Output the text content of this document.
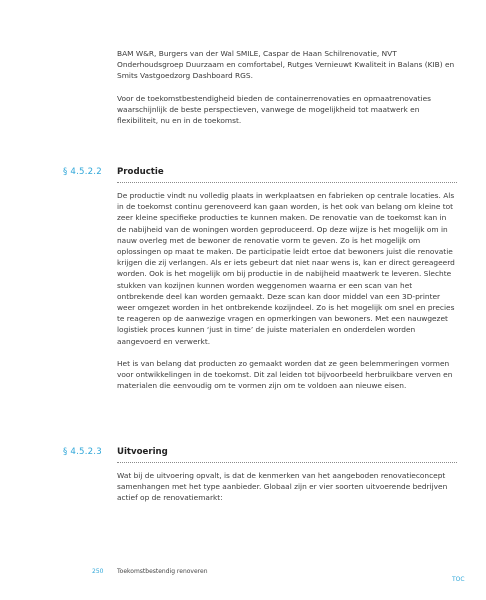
BAM W&R, Burgers van der Wal SMILE, Caspar de Haan Schilrenovatie, NVT Onderhoudsgroep Duurzaam en comfortabel, Rutges Vernieuwt Kwaliteit in Balans (KIB) en Smits Vastgoedzorg Dashboard RGS.

Voor de toekomstbestendigheid bieden de containerrenovaties en opmaatrenovaties waarschijnlijk de beste perspectieven, vanwege de mogelijkheid tot maatwerk en flexibiliteit, nu en in de toekomst.

§ 4.5.2.2 Productie

De productie vindt nu volledig plaats in werkplaatsen en fabrieken op centrale locaties. Als in de toekomst continu gerenoveerd kan gaan worden, is het ook van belang om kleine tot zeer kleine specifieke producties te kunnen maken. De renovatie van de toekomst kan in de nabijheid van de woningen worden geproduceerd. Op deze wijze is het mogelijk om in nauw overleg met de bewoner de renovatie vorm te geven. Zo is het mogelijk om oplossingen op maat te maken. De participatie leidt ertoe dat bewoners juist die renovatie krijgen die zij verlangen. Als er iets gebeurt dat niet naar wens is, kan er direct gereageerd worden. Ook is het mogelijk om bij productie in de nabijheid maatwerk te leveren. Slechte stukken van kozijnen kunnen worden weggenomen waarna er een scan van het ontbrekende deel kan worden gemaakt. Deze scan kan door middel van een 3D-printer weer omgezet worden in het ontbrekende kozijndeel. Zo is het mogelijk om snel en precies te reageren op de aanwezige vragen en opmerkingen van bewoners. Met een nauwgezet logistiek proces kunnen ‘just in time’ de juiste materialen en onderdelen worden aangevoerd en verwerkt.

Het is van belang dat producten zo gemaakt worden dat ze geen belemmeringen vormen voor ontwikkelingen in de toekomst. Dit zal leiden tot bijvoorbeeld herbruikbare verven en materialen die eenvoudig om te vormen zijn om te voldoen aan nieuwe eisen.

§ 4.5.2.3 Uitvoering

Wat bij de uitvoering opvalt, is dat de kenmerken van het aangeboden renovatieconcept samenhangen met het type aanbieder. Globaal zijn er vier soorten uitvoerende bedrijven actief op de renovatiemarkt:

250 Toekomstbestendig renoveren
TOC
